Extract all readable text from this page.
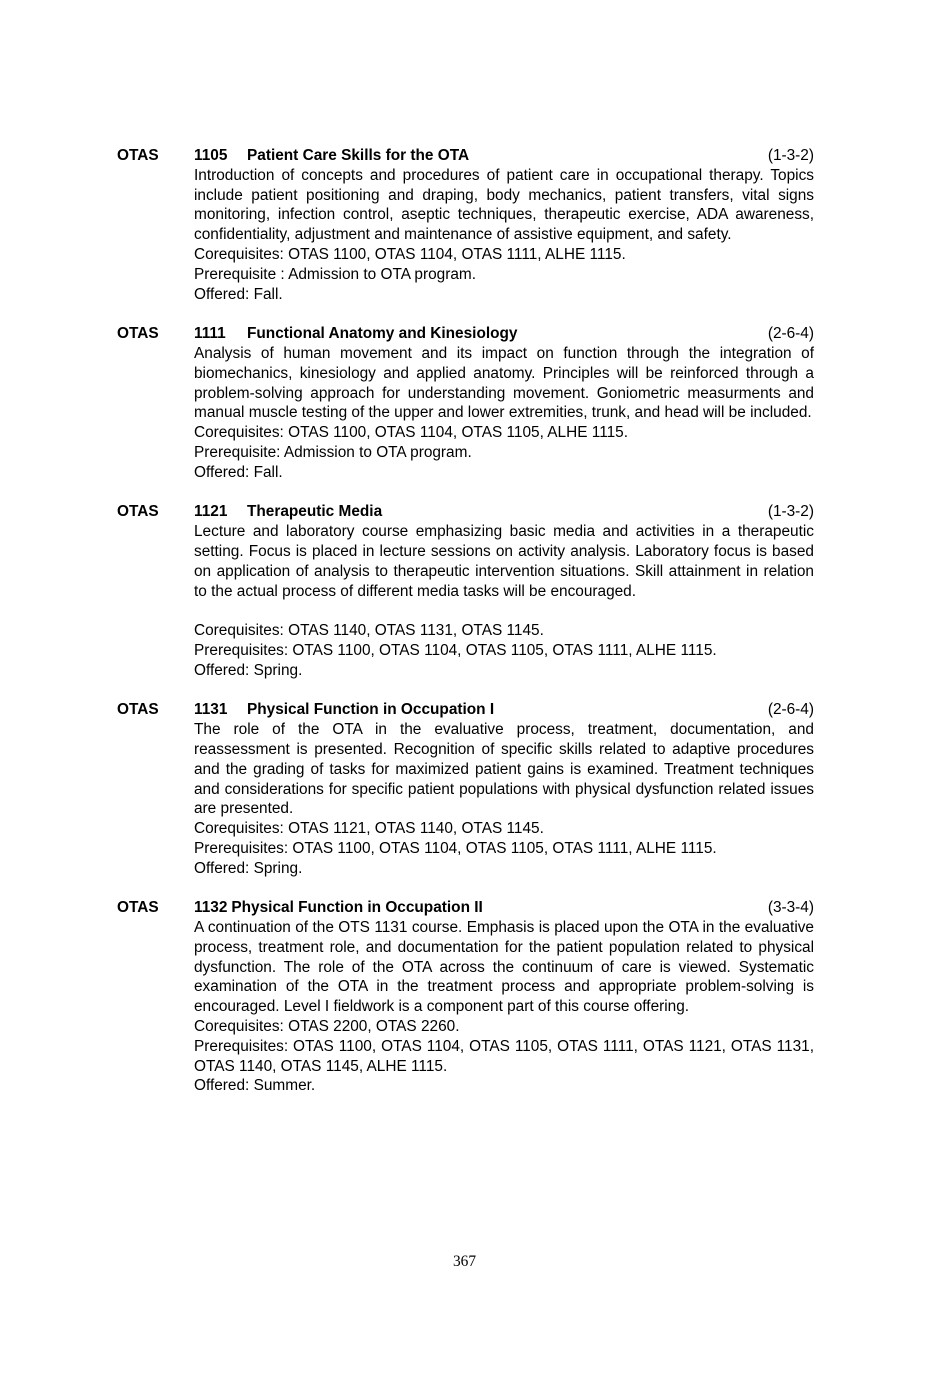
OTAS 1105 Patient Care Skills for the OTA	(1-3-2)

Introduction of concepts and procedures of patient care in occupational therapy. Topics include patient positioning and draping, body mechanics, patient transfers, vital signs monitoring, infection control, aseptic techniques, therapeutic exercise, ADA awareness, confidentiality, adjustment and maintenance of assistive equipment, and safety.

Corequisites: OTAS 1100, OTAS 1104, OTAS 1111, ALHE 1115.

Prerequisite : Admission to OTA program.

Offered: Fall.

OTAS 1111 Functional Anatomy and Kinesiology	(2-6-4)

Analysis of human movement and its impact on function through the integration of biomechanics, kinesiology and applied anatomy. Principles will be reinforced through a problem-solving approach for understanding movement. Goniometric measurments and manual muscle testing of the upper and lower extremities, trunk, and head will be included.

Corequisites: OTAS 1100, OTAS 1104, OTAS 1105, ALHE 1115.

Prerequisite: Admission to OTA program.

Offered: Fall.

OTAS 1121 Therapeutic Media	(1-3-2)

Lecture and laboratory course emphasizing basic media and activities in a therapeutic setting. Focus is placed in lecture sessions on activity analysis. Laboratory focus is based on application of analysis to therapeutic intervention situations. Skill attainment in relation to the actual process of different media tasks will be encouraged.

Corequisites: OTAS 1140, OTAS 1131, OTAS 1145.

Prerequisites: OTAS 1100, OTAS 1104, OTAS 1105, OTAS 1111, ALHE 1115.

Offered: Spring.

OTAS 1131 Physical Function in Occupation I	(2-6-4)

The role of the OTA in the evaluative process, treatment, documentation, and reassessment is presented. Recognition of specific skills related to adaptive procedures and the grading of tasks for maximized patient gains is examined. Treatment techniques and considerations for specific patient populations with physical dysfunction related issues are presented.

Corequisites: OTAS 1121, OTAS 1140, OTAS 1145.

Prerequisites: OTAS 1100, OTAS 1104, OTAS 1105, OTAS 1111, ALHE 1115.

Offered: Spring.

OTAS 1132 Physical Function in Occupation II	(3-3-4)

A continuation of the OTS 1131 course. Emphasis is placed upon the OTA in the evaluative process, treatment role, and documentation for the patient population related to physical dysfunction. The role of the OTA across the continuum of care is viewed. Systematic examination of the OTA in the treatment process and appropriate problem-solving is encouraged. Level I fieldwork is a component part of this course offering.

Corequisites: OTAS 2200, OTAS 2260.

Prerequisites: OTAS 1100, OTAS 1104, OTAS 1105, OTAS 1111, OTAS 1121, OTAS 1131, OTAS 1140, OTAS 1145, ALHE 1115.

Offered: Summer.

367
